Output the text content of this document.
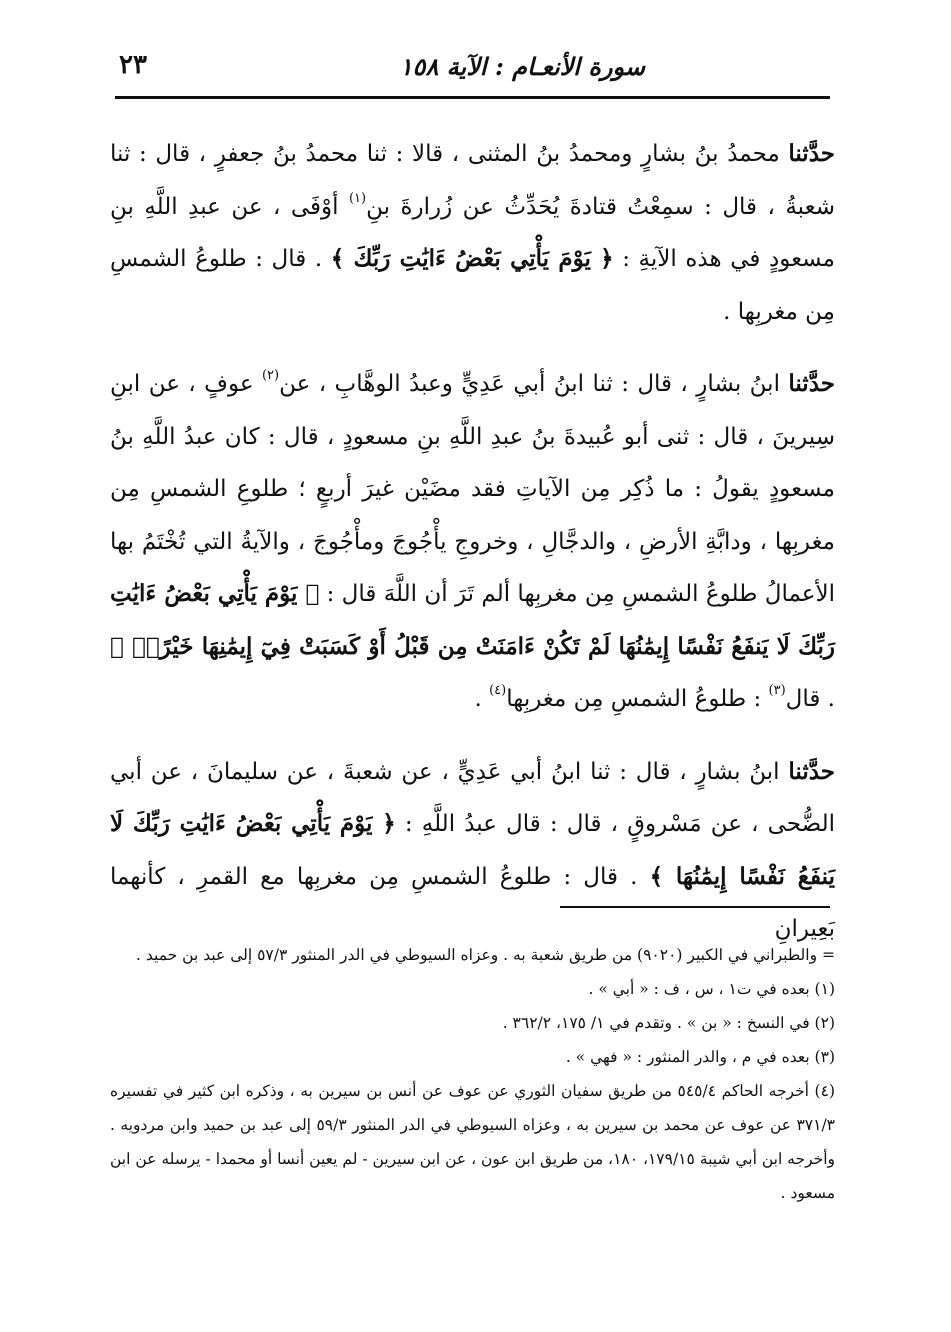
سورة الأنعـام : الآية ١٥٨
٢٣

حدَّثنا محمدُ بنُ بشارٍ ومحمدُ بنُ المثنى ، قالا : ثنا محمدُ بنُ جعفرٍ ، قال : ثنا شعبةُ ، قال : سمِعْتُ قتادةَ يُحَدِّثُ عن زُرارةَ بنِ$^{(١)}$ أوْفَى ، عن عبدِ اللَّهِ بنِ مسعودٍ في هذه الآيةِ : ﴿ يَوْمَ يَأْتِي بَعْضُ ءَايَٰتِ رَبِّكَ ﴾ . قال : طلوعُ الشمسِ مِن مغربِها .

حدَّثنا ابنُ بشارٍ ، قال : ثنا ابنُ أبي عَدِيٍّ وعبدُ الوهَّابِ ، عن$^{(٢)}$ عوفٍ ، عن ابنِ سِيرينَ ، قال : ثنى أبو عُبيدةَ بنُ عبدِ اللَّهِ بنِ مسعودٍ ، قال : كان عبدُ اللَّهِ بنُ مسعودٍ يقولُ : ما ذُكِر مِن الآياتِ فقد مضَيْن غيرَ أربعٍ ؛ طلوعِ الشمسِ مِن مغربِها ، ودابَّةِ الأرضِ ، والدجَّالِ ، وخروجِ يأْجُوجَ ومأْجُوجَ ، والآيةُ التي تُخْتَمُ بها الأعمالُ طلوعُ الشمسِ مِن مغربِها ألم تَرَ أن اللَّهَ قال : ﴿ يَوْمَ يَأْتِي بَعْضُ ءَايَٰتِ رَبِّكَ لَا يَنفَعُ نَفْسًا إِيمَٰنُهَا لَمْ تَكُنْ ءَامَنَتْ مِن قَبْلُ أَوْ كَسَبَتْ فِيٓ إِيمَٰنِهَا خَيْرًاۗ ﴾ . قال$^{(٣)}$ : طلوعُ الشمسِ مِن مغربِها$^{(٤)}$ .

حدَّثنا ابنُ بشارٍ ، قال : ثنا ابنُ أبي عَدِيٍّ ، عن شعبةَ ، عن سليمانَ ، عن أبي الضُّحى ، عن مَسْروقٍ ، قال : قال عبدُ اللَّهِ : ﴿ يَوْمَ يَأْتِي بَعْضُ ءَايَٰتِ رَبِّكَ لَا يَنفَعُ نَفْسًا إِيمَٰنُهَا ﴾ . قال : طلوعُ الشمسِ مِن مغربِها مع القمرِ ، كأنهما بَعِيرانِ

= والطبراني في الكبير (٩٠٢٠) من طريق شعبة به . وعزاه السيوطي في الدر المنثور ٥٧/٣ إلى عبد بن حميد .

(١) بعده في ت١ ، س ، ف : « أبي » .

(٢) في النسخ : « بن » . وتقدم في ١/ ١٧٥، ٣٦٢/٢ .

(٣) بعده في م ، والدر المنثور : « فهي » .

(٤) أخرجه الحاكم ٥٤٥/٤ من طريق سفيان الثوري عن عوف عن أنس بن سيرين به ، وذكره ابن كثير في تفسيره ٣٧١/٣ عن عوف عن محمد بن سيرين به ، وعزاه السيوطي في الدر المنثور ٥٩/٣ إلى عبد بن حميد وابن مردويه . وأخرجه ابن أبي شيبة ١٧٩/١٥، ١٨٠، من طريق ابن عون ، عن ابن سيرين - لم يعين أنسا أو محمدا - يرسله عن ابن مسعود .
